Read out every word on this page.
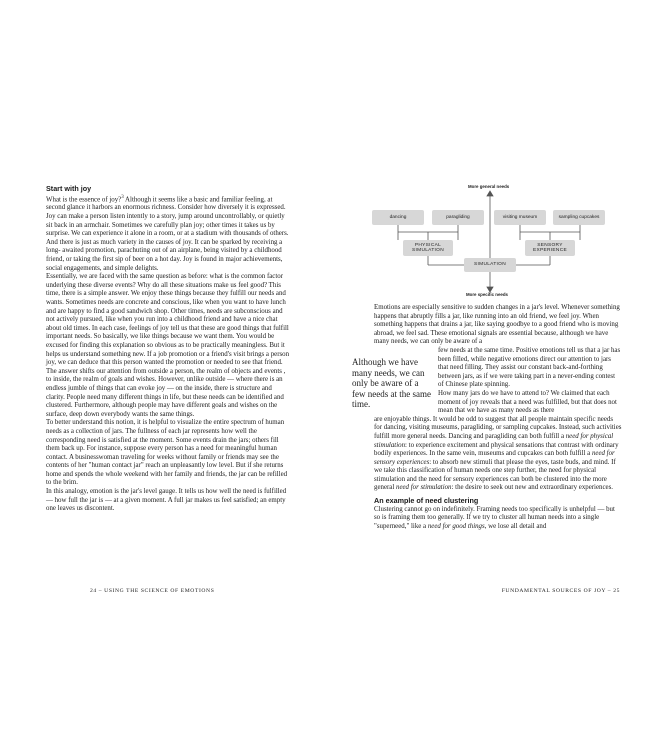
Start with joy

What is the essence of joy?$^3$ Although it seems like a basic and familiar feeling, at second glance it harbors an enormous richness. Consider how diversely it is expressed. Joy can make a person listen intently to a story, jump around uncontrollably, or quietly sit back in an armchair. Sometimes we carefully plan joy; other times it takes us by surprise. We can experience it alone in a room, or at a stadium with thousands of others. And there is just as much variety in the causes of joy. It can be sparked by receiving a long- awaited promotion, parachuting out of an airplane, being visited by a childhood friend, or taking the first sip of beer on a hot day. Joy is found in major achievements, social engagements, and simple delights.

Essentially, we are faced with the same question as before: what is the common factor underlying these diverse events? Why do all these situations make us feel good? This time, there is a simple answer. We enjoy these things because they fulfill our needs and wants. Sometimes needs are concrete and conscious, like when you want to have lunch and are happy to find a good sandwich shop. Other times, needs are subconscious and not actively pursued, like when you run into a childhood friend and have a nice chat about old times. In each case, feelings of joy tell us that these are good things that fulfill important needs. So basically, we like things because we want them. You would be excused for finding this explanation so obvious as to be practically meaningless. But it helps us understand something new. If a job promotion or a friend's visit brings a person joy, we can deduce that this person wanted the promotion or needed to see that friend. The answer shifts our attention from outside a person, the realm of objects and events , to inside, the realm of goals and wishes. However, unlike outside — where there is an endless jumble of things that can evoke joy — on the inside, there is structure and clarity. People need many different things in life, but these needs can be identified and clustered. Furthermore, although people may have different goals and wishes on the surface, deep down everybody wants the same things.

To better understand this notion, it is helpful to visualize the entire spectrum of human needs as a collection of jars. The fullness of each jar represents how well the corresponding need is satisfied at the moment. Some events drain the jars; others fill them back up. For instance, suppose every person has a need for meaningful human contact. A businesswoman traveling for weeks without family or friends may see the contents of her "human contact jar" reach an unpleasantly low level. But if she returns home and spends the whole weekend with her family and friends, the jar can be refilled to the brim.

In this analogy, emotion is the jar's level gauge. It tells us how well the need is fulfilled — how full the jar is — at a given moment. A full jar makes us feel satisfied; an empty one leaves us discontent.

24 – USING THE SCIENCE OF EMOTIONS
More general needs
More specific needs
dancing	paragliding	visiting museum	sampling cupcakes
PHYSICAL SIMULATION
SENSORY EXPERIENCE
SIMULATION
FUNDAMENTAL SOURCES OF JOY – 25
Although we have many needs, we can only be aware of a few needs at the same time.

Emotions are especially sensitive to sudden changes in a jar's level. Whenever something happens that abruptly fills a jar, like running into an old friend, we feel joy. When something happens that drains a jar, like saying goodbye to a good friend who is moving abroad, we feel sad. These emotional signals are essential because, although we have many needs, we can only be aware of a

few needs at the same time. Positive emotions tell us that a jar has been filled, while negative emotions direct our attention to jars that need filling. They assist our constant back-and-forthing between jars, as if we were taking part in a never-ending contest of Chinese plate spinning.

How many jars do we have to attend to? We claimed that each moment of joy reveals that a need was fulfilled, but that does not mean that we have as many needs as there

are enjoyable things. It would be odd to suggest that all people maintain specific needs for dancing, visiting museums, paragliding, or sampling cupcakes. Instead, such activities fulfill more general needs. Dancing and paragliding can both fulfill a need for physical stimulation: to experience excitement and physical sensations that contrast with ordinary bodily experiences. In the same vein, museums and cupcakes can both fulfill a need for sensory experiences: to absorb new stimuli that please the eyes, taste buds, and mind. If we take this classification of human needs one step further, the need for physical stimulation and the need for sensory experiences can both be clustered into the more general need for stimulation: the desire to seek out new and extraordinary experiences.

An example of need clustering

Clustering cannot go on indefinitely. Framing needs too specifically is unhelpful — but so is framing them too generally. If we try to cluster all human needs into a single "superneed," like a need for good things, we lose all detail and
